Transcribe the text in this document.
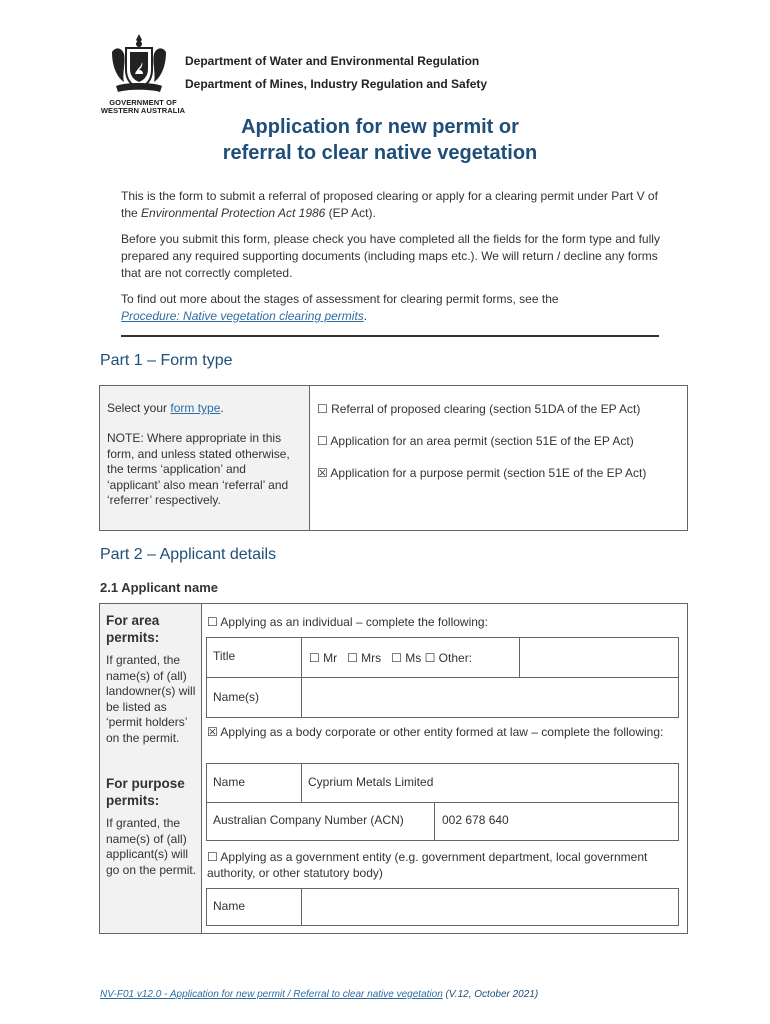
GOVERNMENT OF
WESTERN AUSTRALIA
Department of Water and Environmental Regulation
Department of Mines, Industry Regulation and Safety
Application for new permit or
referral to clear native vegetation
This is the form to submit a referral of proposed clearing or apply for a clearing permit under Part V of the Environmental Protection Act 1986 (EP Act).
Before you submit this form, please check you have completed all the fields for the form type and fully prepared any required supporting documents (including maps etc.). We will return / decline any forms that are not correctly completed.
To find out more about the stages of assessment for clearing permit forms, see the
Procedure: Native vegetation clearing permits.
Part 1 – Form type
Select your form type.
NOTE: Where appropriate in this form, and unless stated otherwise, the terms ‘application’ and ‘applicant’ also mean ‘referral’ and ‘referrer’ respectively.
☐ Referral of proposed clearing (section 51DA of the EP Act)
☐ Application for an area permit (section 51E of the EP Act)
☒ Application for a purpose permit (section 51E of the EP Act)
Part 2 – Applicant details
2.1 Applicant name
For area permits:
If granted, the name(s) of (all) landowner(s) will be listed as ‘permit holders’ on the permit.
For purpose permits:
If granted, the name(s) of (all) applicant(s) will go on the permit.
☐ Applying as an individual – complete the following:
Title	☐ Mr   ☐ Mrs   ☐ Ms ☐ Other:
Name(s)
☒ Applying as a body corporate or other entity formed at law – complete the following:
Name	Cyprium Metals Limited
Australian Company Number (ACN)	002 678 640
☐ Applying as a government entity (e.g. government department, local government authority, or other statutory body)
Name
NV-F01 v12.0 - Application for new permit / Referral to clear native vegetation (V.12, October 2021)
